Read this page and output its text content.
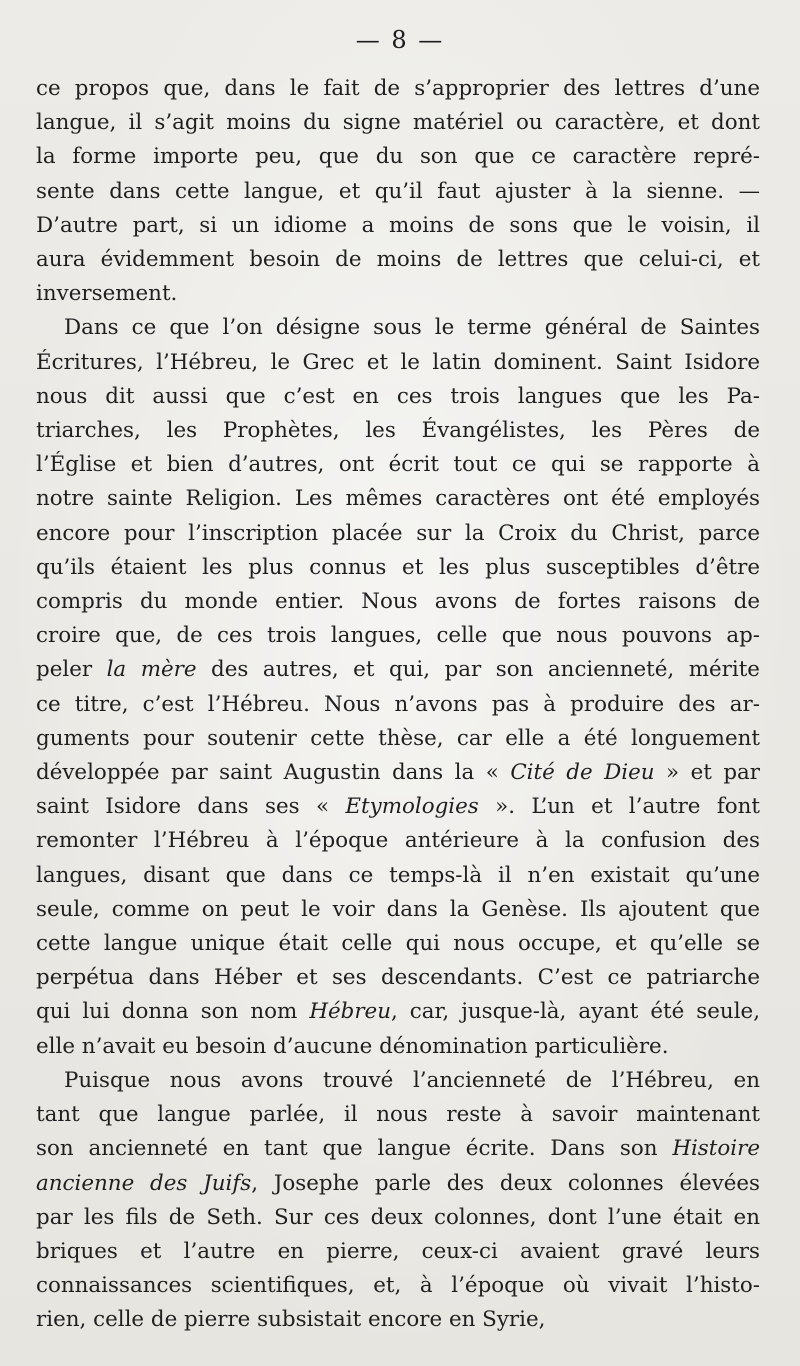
— 8 —
ce propos que, dans le fait de s’approprier des lettres d’une
langue, il s’agit moins du signe matériel ou caractère, et dont
la forme importe peu, que du son que ce caractère repré-
sente dans cette langue, et qu’il faut ajuster à la sienne. —
D’autre part, si un idiome a moins de sons que le voisin, il
aura évidemment besoin de moins de lettres que celui-ci, et
inversement.
Dans ce que l’on désigne sous le terme général de Saintes
Écritures, l’Hébreu, le Grec et le latin dominent. Saint Isidore
nous dit aussi que c’est en ces trois langues que les Pa-
triarches, les Prophètes, les Évangélistes, les Pères de
l’Église et bien d’autres, ont écrit tout ce qui se rapporte à
notre sainte Religion. Les mêmes caractères ont été employés
encore pour l’inscription placée sur la Croix du Christ, parce
qu’ils étaient les plus connus et les plus susceptibles d’être
compris du monde entier. Nous avons de fortes raisons de
croire que, de ces trois langues, celle que nous pouvons ap-
peler la mère des autres, et qui, par son ancienneté, mérite
ce titre, c’est l’Hébreu. Nous n’avons pas à produire des ar-
guments pour soutenir cette thèse, car elle a été longuement
développée par saint Augustin dans la « Cité de Dieu » et par
saint Isidore dans ses « Etymologies ». L’un et l’autre font
remonter l’Hébreu à l’époque antérieure à la confusion des
langues, disant que dans ce temps-là il n’en existait qu’une
seule, comme on peut le voir dans la Genèse. Ils ajoutent que
cette langue unique était celle qui nous occupe, et qu’elle se
perpétua dans Héber et ses descendants. C’est ce patriarche
qui lui donna son nom Hébreu, car, jusque-là, ayant été seule,
elle n’avait eu besoin d’aucune dénomination particulière.
Puisque nous avons trouvé l’ancienneté de l’Hébreu, en
tant que langue parlée, il nous reste à savoir maintenant
son ancienneté en tant que langue écrite. Dans son Histoire
ancienne des Juifs, Josephe parle des deux colonnes élevées
par les fils de Seth. Sur ces deux colonnes, dont l’une était en
briques et l’autre en pierre, ceux-ci avaient gravé leurs
connaissances scientifiques, et, à l’époque où vivait l’histo-
rien, celle de pierre subsistait encore en Syrie,
